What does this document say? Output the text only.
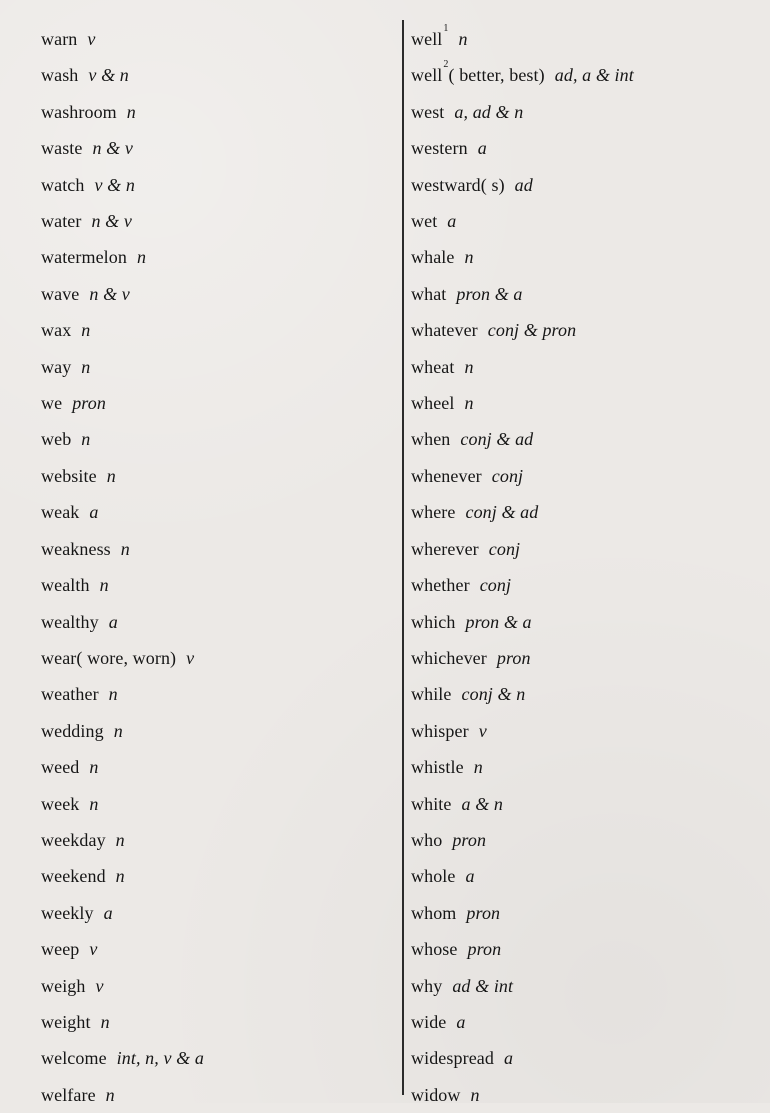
warn v
wash v & n
washroom n
waste n & v
watch v & n
water n & v
watermelon n
wave n & v
wax n
way n
we pron
web n
website n
weak a
weakness n
wealth n
wealthy a
wear( wore, worn) v
weather n
wedding n
weed n
week n
weekday n
weekend n
weekly a
weep v
weigh v
weight n
welcome int, n, v & a
welfare n
well$^1$n
well$^2$( better, best) ad, a & int
west a, ad & n
western a
westward( s) ad
wet a
whale n
what pron & a
whatever conj & pron
wheat n
wheel n
when conj & ad
whenever conj
where conj & ad
wherever conj
whether conj
which pron & a
whichever pron
while conj & n
whisper v
whistle n
white a & n
who pron
whole a
whom pron
whose pron
why ad & int
wide a
widespread a
widow n
